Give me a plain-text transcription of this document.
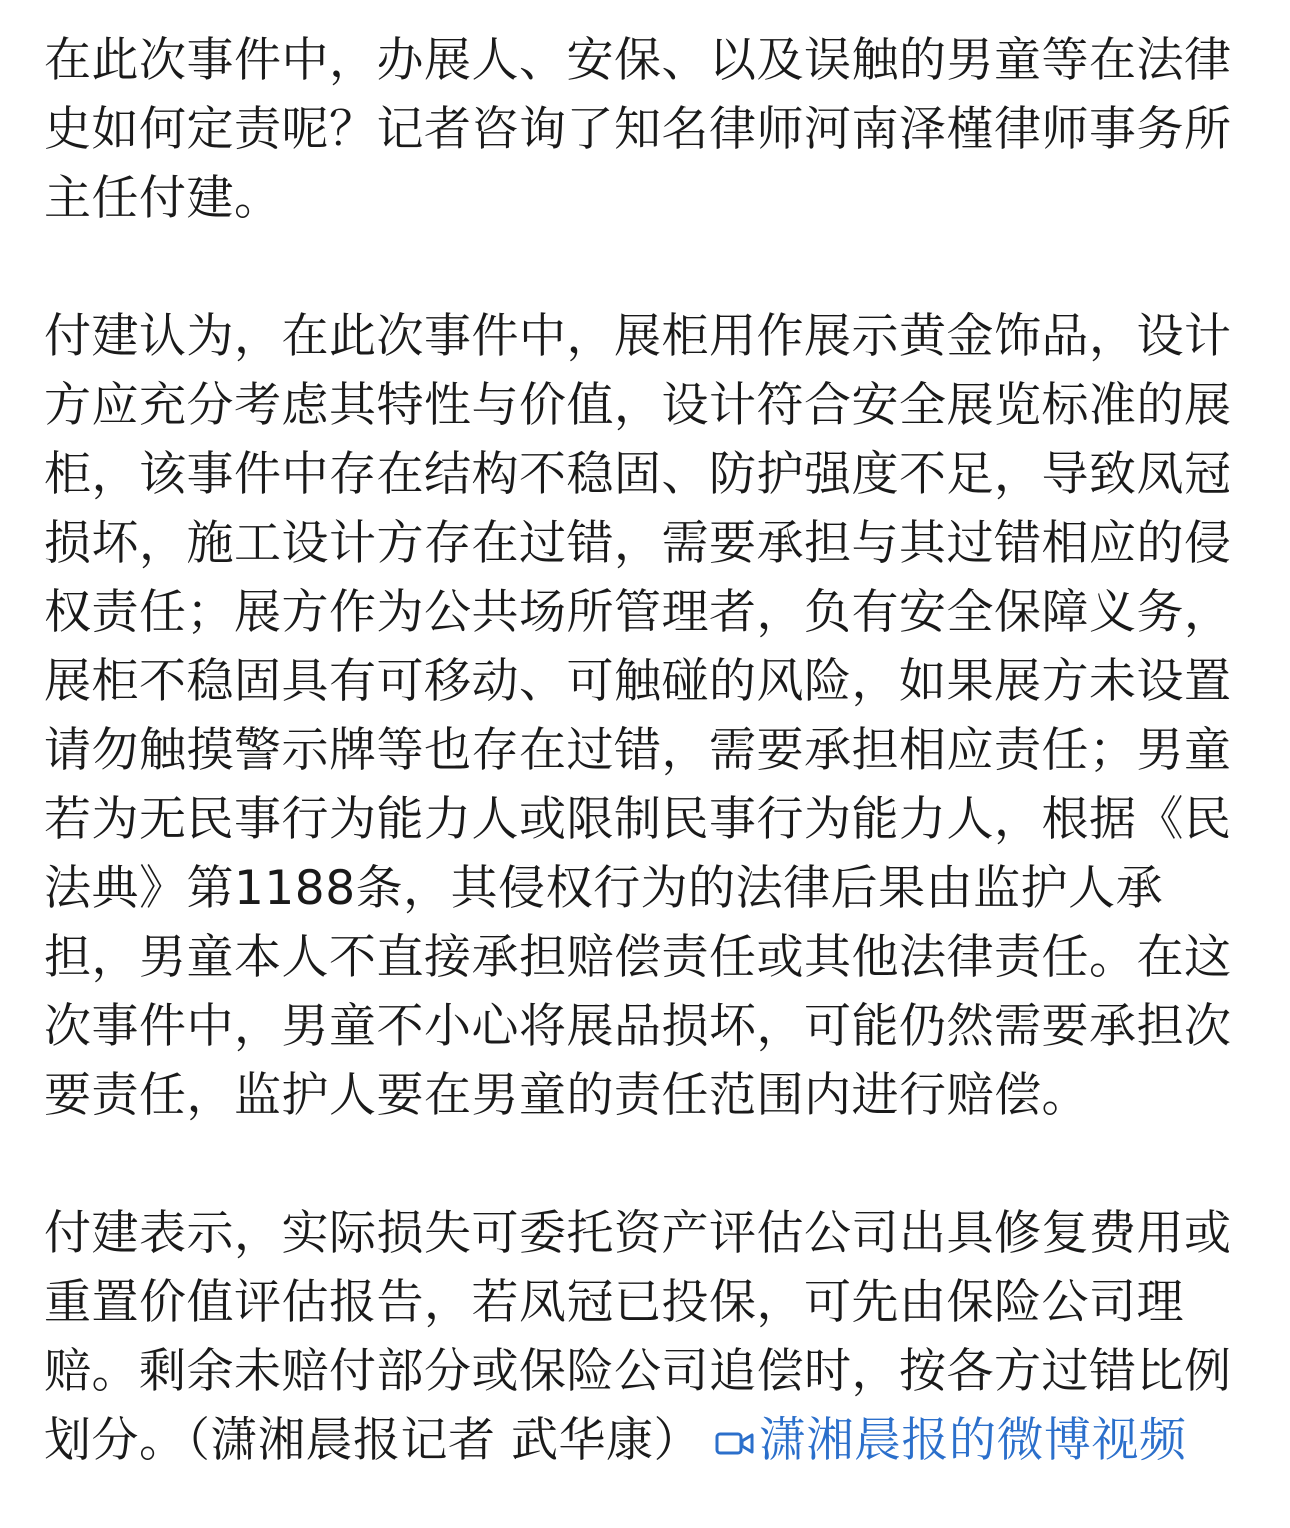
在此次事件中，办展人、安保、以及误触的男童等在法律史如何定责呢？记者咨询了知名律师河南泽槿律师事务所主任付建。

付建认为，在此次事件中，展柜用作展示黄金饰品，设计方应充分考虑其特性与价值，设计符合安全展览标准的展柜，该事件中存在结构不稳固、防护强度不足，导致凤冠损坏，施工设计方存在过错，需要承担与其过错相应的侵权责任；展方作为公共场所管理者，负有安全保障义务，展柜不稳固具有可移动、可触碰的风险，如果展方未设置请勿触摸警示牌等也存在过错，需要承担相应责任；男童若为无民事行为能力人或限制民事行为能力人，根据《民法典》第1188条，其侵权行为的法律后果由监护人承担，男童本人不直接承担赔偿责任或其他法律责任。在这次事件中，男童不小心将展品损坏，可能仍然需要承担次要责任，监护人要在男童的责任范围内进行赔偿。

付建表示，实际损失可委托资产评估公司出具修复费用或重置价值评估报告，若凤冠已投保，可先由保险公司理赔。剩余未赔付部分或保险公司追偿时，按各方过错比例划分。（潇湘晨报记者 武华康） 潇湘晨报的微博视频
